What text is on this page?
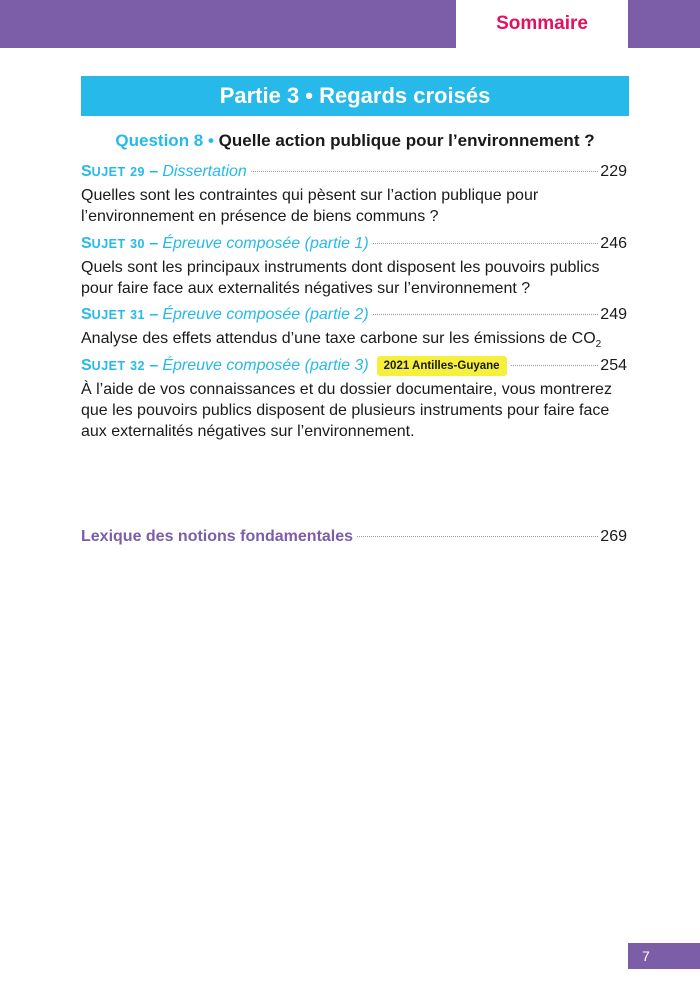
Sommaire
Partie 3 • Regards croisés
Question 8 • Quelle action publique pour l’environnement ?
SUJET 29 – Dissertation	229
Quelles sont les contraintes qui pèsent sur l’action publique pour l’environnement en présence de biens communs ?
SUJET 30 – Épreuve composée (partie 1)	246
Quels sont les principaux instruments dont disposent les pouvoirs publics pour faire face aux externalités négatives sur l’environnement ?
SUJET 31 – Épreuve composée (partie 2)	249
Analyse des effets attendus d’une taxe carbone sur les émissions de $CO_2$
SUJET 32 – Épreuve composée (partie 3)	2021 Antilles-Guyane	254
À l’aide de vos connaissances et du dossier documentaire, vous montrerez que les pouvoirs publics disposent de plusieurs instruments pour faire face aux externalités négatives sur l’environnement.
Lexique des notions fondamentales	269
7
